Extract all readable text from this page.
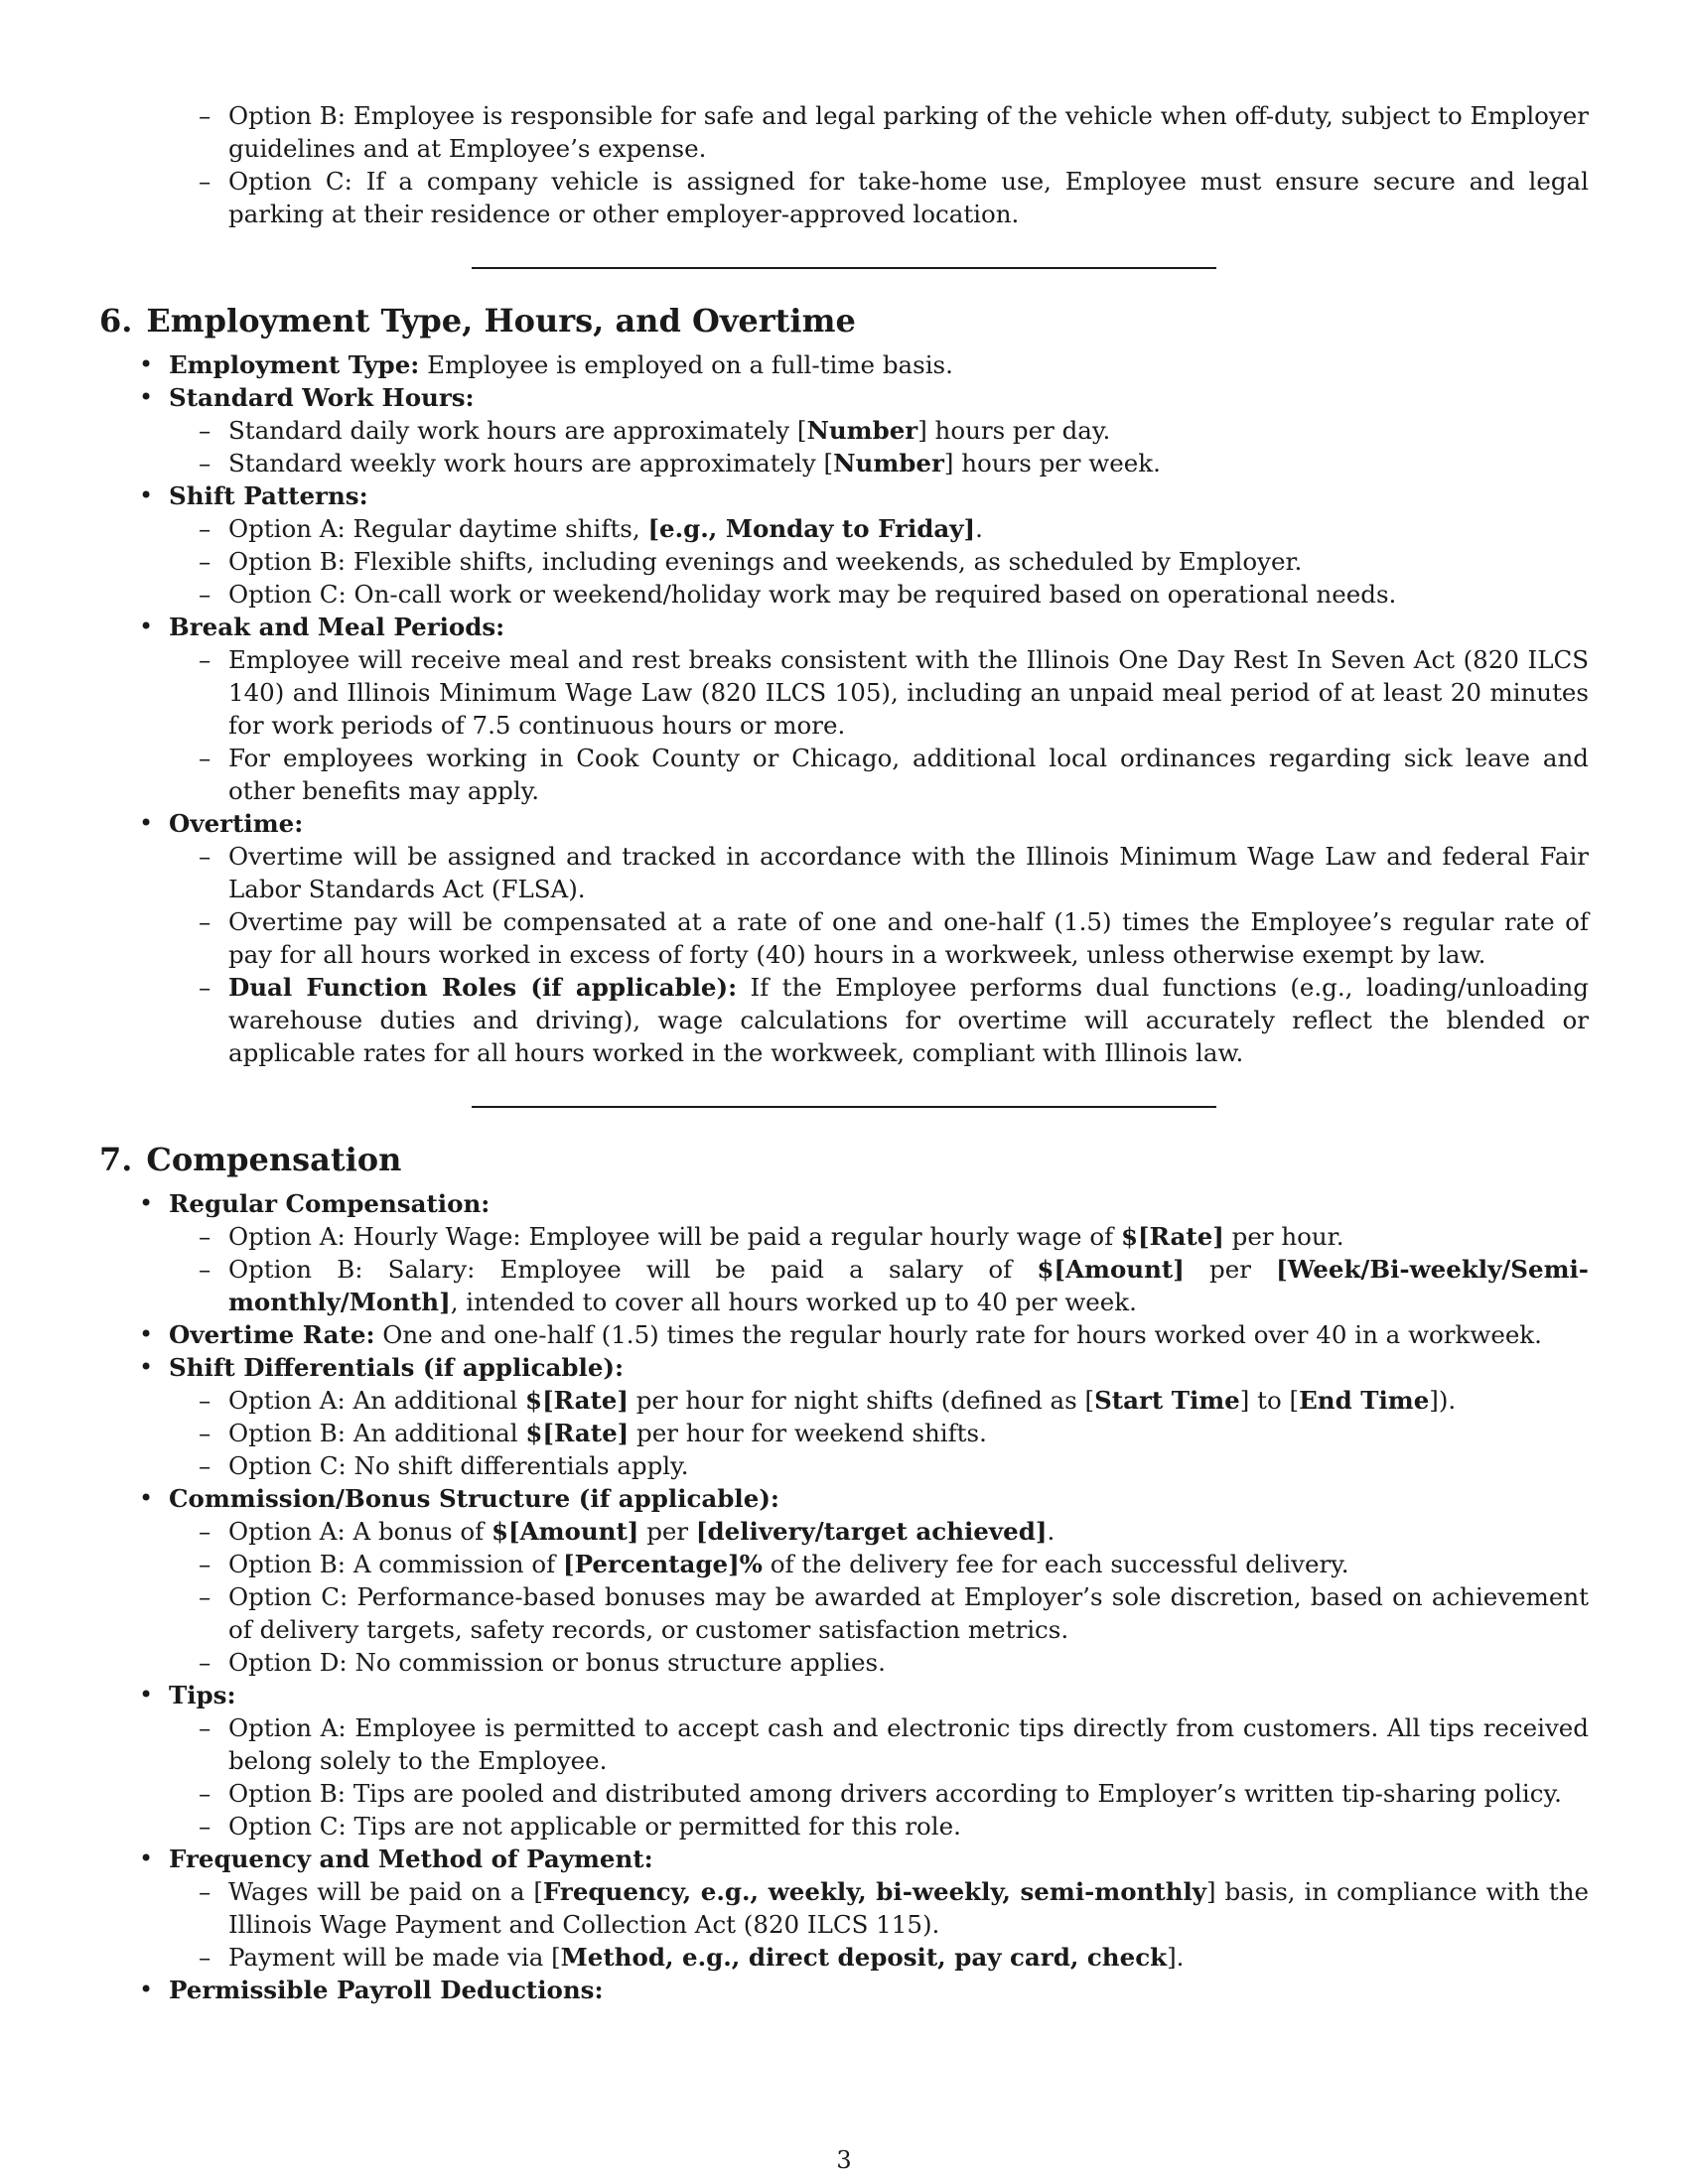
– Option B: Employee is responsible for safe and legal parking of the vehicle when off-duty, subject to Employer guidelines and at Employee’s expense.
– Option C: If a company vehicle is assigned for take-home use, Employee must ensure secure and legal parking at their residence or other employer-approved location.
6. Employment Type, Hours, and Overtime
• Employment Type: Employee is employed on a full-time basis.
• Standard Work Hours:
– Standard daily work hours are approximately [Number] hours per day.
– Standard weekly work hours are approximately [Number] hours per week.
• Shift Patterns:
– Option A: Regular daytime shifts, [e.g., Monday to Friday].
– Option B: Flexible shifts, including evenings and weekends, as scheduled by Employer.
– Option C: On-call work or weekend/holiday work may be required based on operational needs.
• Break and Meal Periods:
– Employee will receive meal and rest breaks consistent with the Illinois One Day Rest In Seven Act (820 ILCS 140) and Illinois Minimum Wage Law (820 ILCS 105), including an unpaid meal period of at least 20 minutes for work periods of 7.5 continuous hours or more.
– For employees working in Cook County or Chicago, additional local ordinances regarding sick leave and other benefits may apply.
• Overtime:
– Overtime will be assigned and tracked in accordance with the Illinois Minimum Wage Law and federal Fair Labor Standards Act (FLSA).
– Overtime pay will be compensated at a rate of one and one-half (1.5) times the Employee’s regular rate of pay for all hours worked in excess of forty (40) hours in a workweek, unless otherwise exempt by law.
– Dual Function Roles (if applicable): If the Employee performs dual functions (e.g., loading/unloading warehouse duties and driving), wage calculations for overtime will accurately reflect the blended or applicable rates for all hours worked in the workweek, compliant with Illinois law.
7. Compensation
• Regular Compensation:
– Option A: Hourly Wage: Employee will be paid a regular hourly wage of $[Rate] per hour.
– Option B: Salary: Employee will be paid a salary of $[Amount] per [Week/Bi-weekly/Semi-monthly/Month], intended to cover all hours worked up to 40 per week.
• Overtime Rate: One and one-half (1.5) times the regular hourly rate for hours worked over 40 in a workweek.
• Shift Differentials (if applicable):
– Option A: An additional $[Rate] per hour for night shifts (defined as [Start Time] to [End Time]).
– Option B: An additional $[Rate] per hour for weekend shifts.
– Option C: No shift differentials apply.
• Commission/Bonus Structure (if applicable):
– Option A: A bonus of $[Amount] per [delivery/target achieved].
– Option B: A commission of [Percentage]% of the delivery fee for each successful delivery.
– Option C: Performance-based bonuses may be awarded at Employer’s sole discretion, based on achievement of delivery targets, safety records, or customer satisfaction metrics.
– Option D: No commission or bonus structure applies.
• Tips:
– Option A: Employee is permitted to accept cash and electronic tips directly from customers. All tips received belong solely to the Employee.
– Option B: Tips are pooled and distributed among drivers according to Employer’s written tip-sharing policy.
– Option C: Tips are not applicable or permitted for this role.
• Frequency and Method of Payment:
– Wages will be paid on a [Frequency, e.g., weekly, bi-weekly, semi-monthly] basis, in compliance with the Illinois Wage Payment and Collection Act (820 ILCS 115).
– Payment will be made via [Method, e.g., direct deposit, pay card, check].
• Permissible Payroll Deductions:
3
